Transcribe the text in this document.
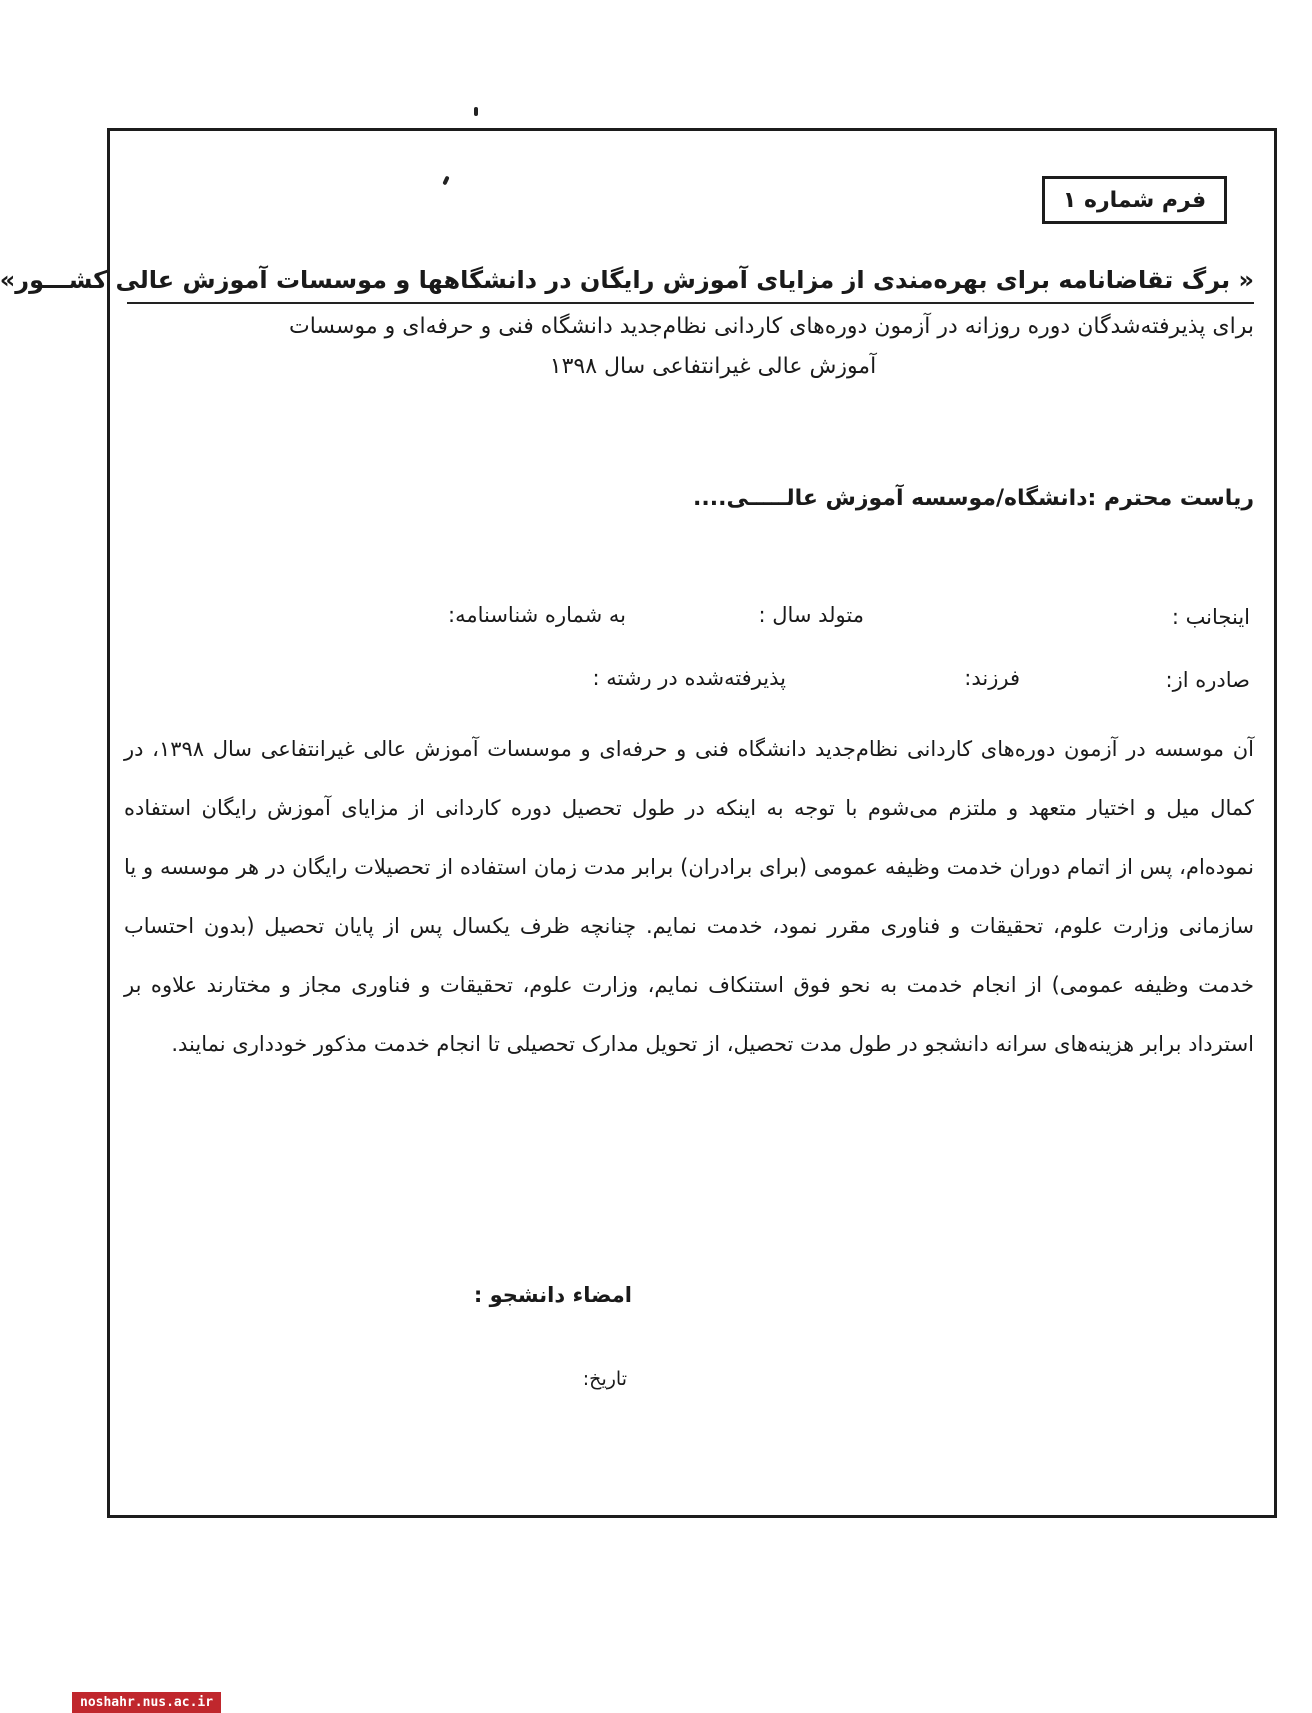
فرم شماره ۱
« برگ تقاضانامه برای بهره‌مندی از مزایای آموزش رایگان در دانشگاهها و موسسات آموزش عالی کشـــور»
برای پذیرفته‌شدگان دوره روزانه در آزمون دوره‌های کاردانی نظام‌جدید دانشگاه فنی و حرفه‌ای و موسسات
آموزش عالی غیرانتفاعی سال ۱۳۹۸
ریاست محترم :دانشگاه/موسسه آموزش عالـــــی....
اینجانب :
متولد سال :
به شماره شناسنامه:
صادره از:
فرزند:
پذیرفته‌شده در رشته :
آن موسسه در آزمون دوره‌های کاردانی نظام‌جدید دانشگاه فنی و حرفه‌ای و موسسات آموزش عالی غیرانتفاعی سال ۱۳۹۸، در کمال میل و اختیار متعهد و ملتزم می‌شوم با توجه به اینکه در طول تحصیل دوره کاردانی از مزایای آموزش رایگان استفاده نموده‌ام، پس از اتمام دوران خدمت وظیفه عمومی (برای برادران) برابر مدت زمان استفاده از تحصیلات رایگان در هر موسسه و یا سازمانی وزارت علوم، تحقیقات و فناوری مقرر نمود، خدمت نمایم. چنانچه ظرف یکسال پس از پایان تحصیل (بدون احتساب خدمت وظیفه عمومی) از انجام خدمت به نحو فوق استنکاف نمایم، وزارت علوم، تحقیقات و فناوری مجاز و مختارند علاوه بر استرداد برابر هزینه‌های سرانه دانشجو در طول مدت تحصیل، از تحویل مدارک تحصیلی تا انجام خدمت مذکور خودداری نمایند.
امضاء دانشجو :
تاریخ:
noshahr.nus.ac.ir
